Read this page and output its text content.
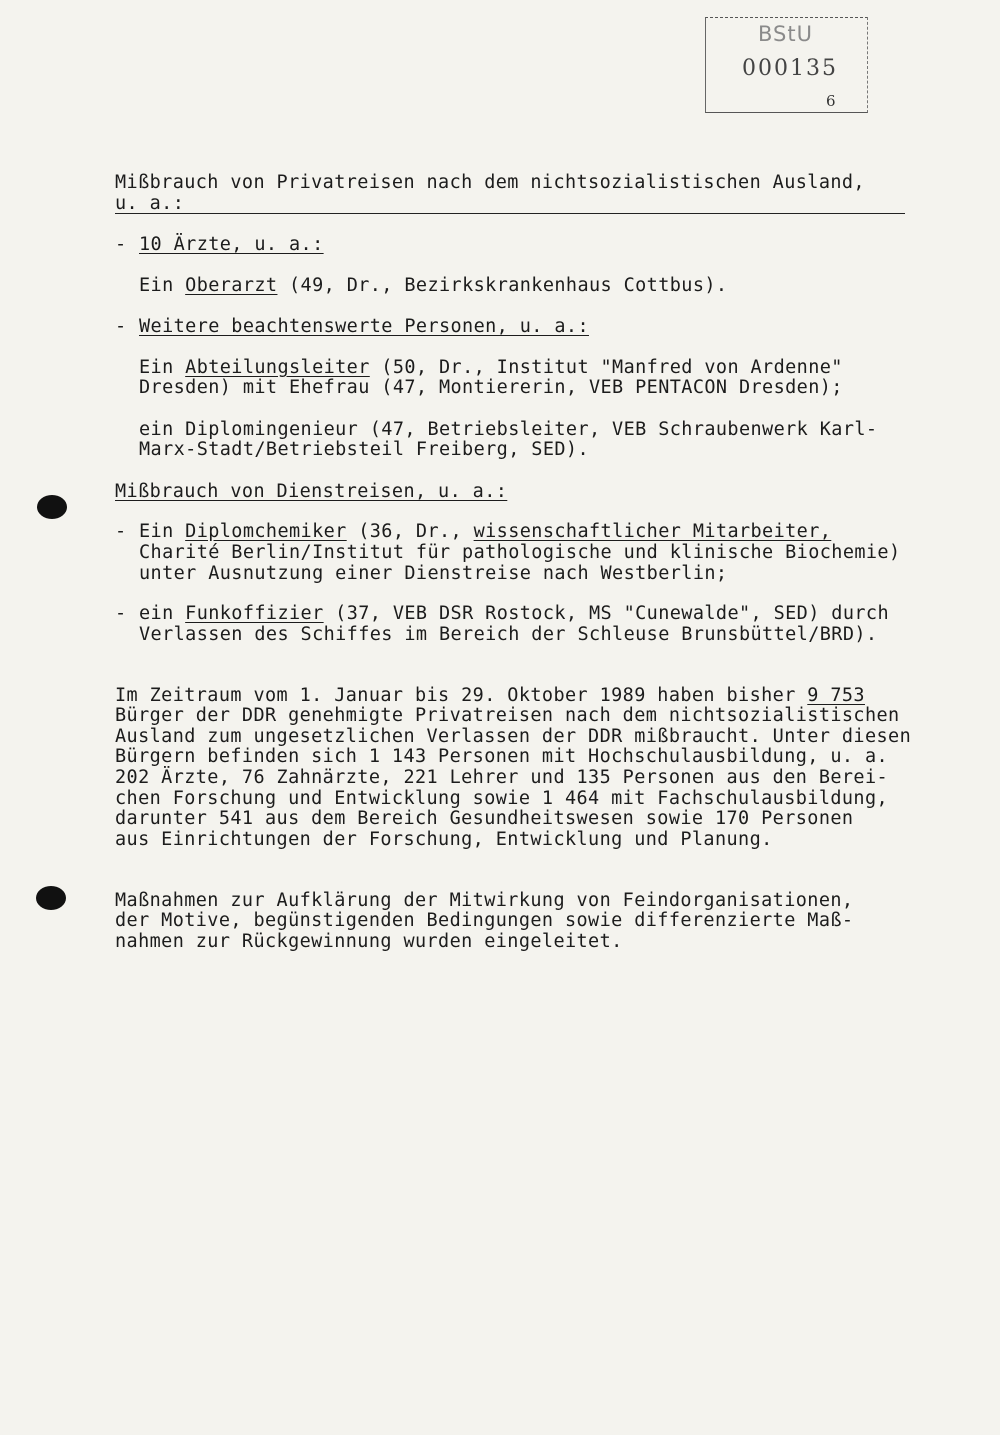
BStU
000135
6
Mißbrauch von Privatreisen nach dem nichtsozialistischen Ausland,
u. a.:
- 10 Ärzte, u. a.:
Ein Oberarzt (49, Dr., Bezirkskrankenhaus Cottbus).
- Weitere beachtenswerte Personen, u. a.:
Ein Abteilungsleiter (50, Dr., Institut "Manfred von Ardenne"
Dresden) mit Ehefrau (47, Montiererin, VEB PENTACON Dresden);
ein Diplomingenieur (47, Betriebsleiter, VEB Schraubenwerk Karl-
Marx-Stadt/Betriebsteil Freiberg, SED).
Mißbrauch von Dienstreisen, u. a.:
- Ein Diplomchemiker (36, Dr., wissenschaftlicher Mitarbeiter,
Charité Berlin/Institut für pathologische und klinische Biochemie)
unter Ausnutzung einer Dienstreise nach Westberlin;
- ein Funkoffizier (37, VEB DSR Rostock, MS "Cunewalde", SED) durch
Verlassen des Schiffes im Bereich der Schleuse Brunsbüttel/BRD).
Im Zeitraum vom 1. Januar bis 29. Oktober 1989 haben bisher 9 753
Bürger der DDR genehmigte Privatreisen nach dem nichtsozialistischen
Ausland zum ungesetzlichen Verlassen der DDR mißbraucht. Unter diesen
Bürgern befinden sich 1 143 Personen mit Hochschulausbildung, u. a.
202 Ärzte, 76 Zahnärzte, 221 Lehrer und 135 Personen aus den Berei-
chen Forschung und Entwicklung sowie 1 464 mit Fachschulausbildung,
darunter 541 aus dem Bereich Gesundheitswesen sowie 170 Personen
aus Einrichtungen der Forschung, Entwicklung und Planung.
Maßnahmen zur Aufklärung der Mitwirkung von Feindorganisationen,
der Motive, begünstigenden Bedingungen sowie differenzierte Maß-
nahmen zur Rückgewinnung wurden eingeleitet.
